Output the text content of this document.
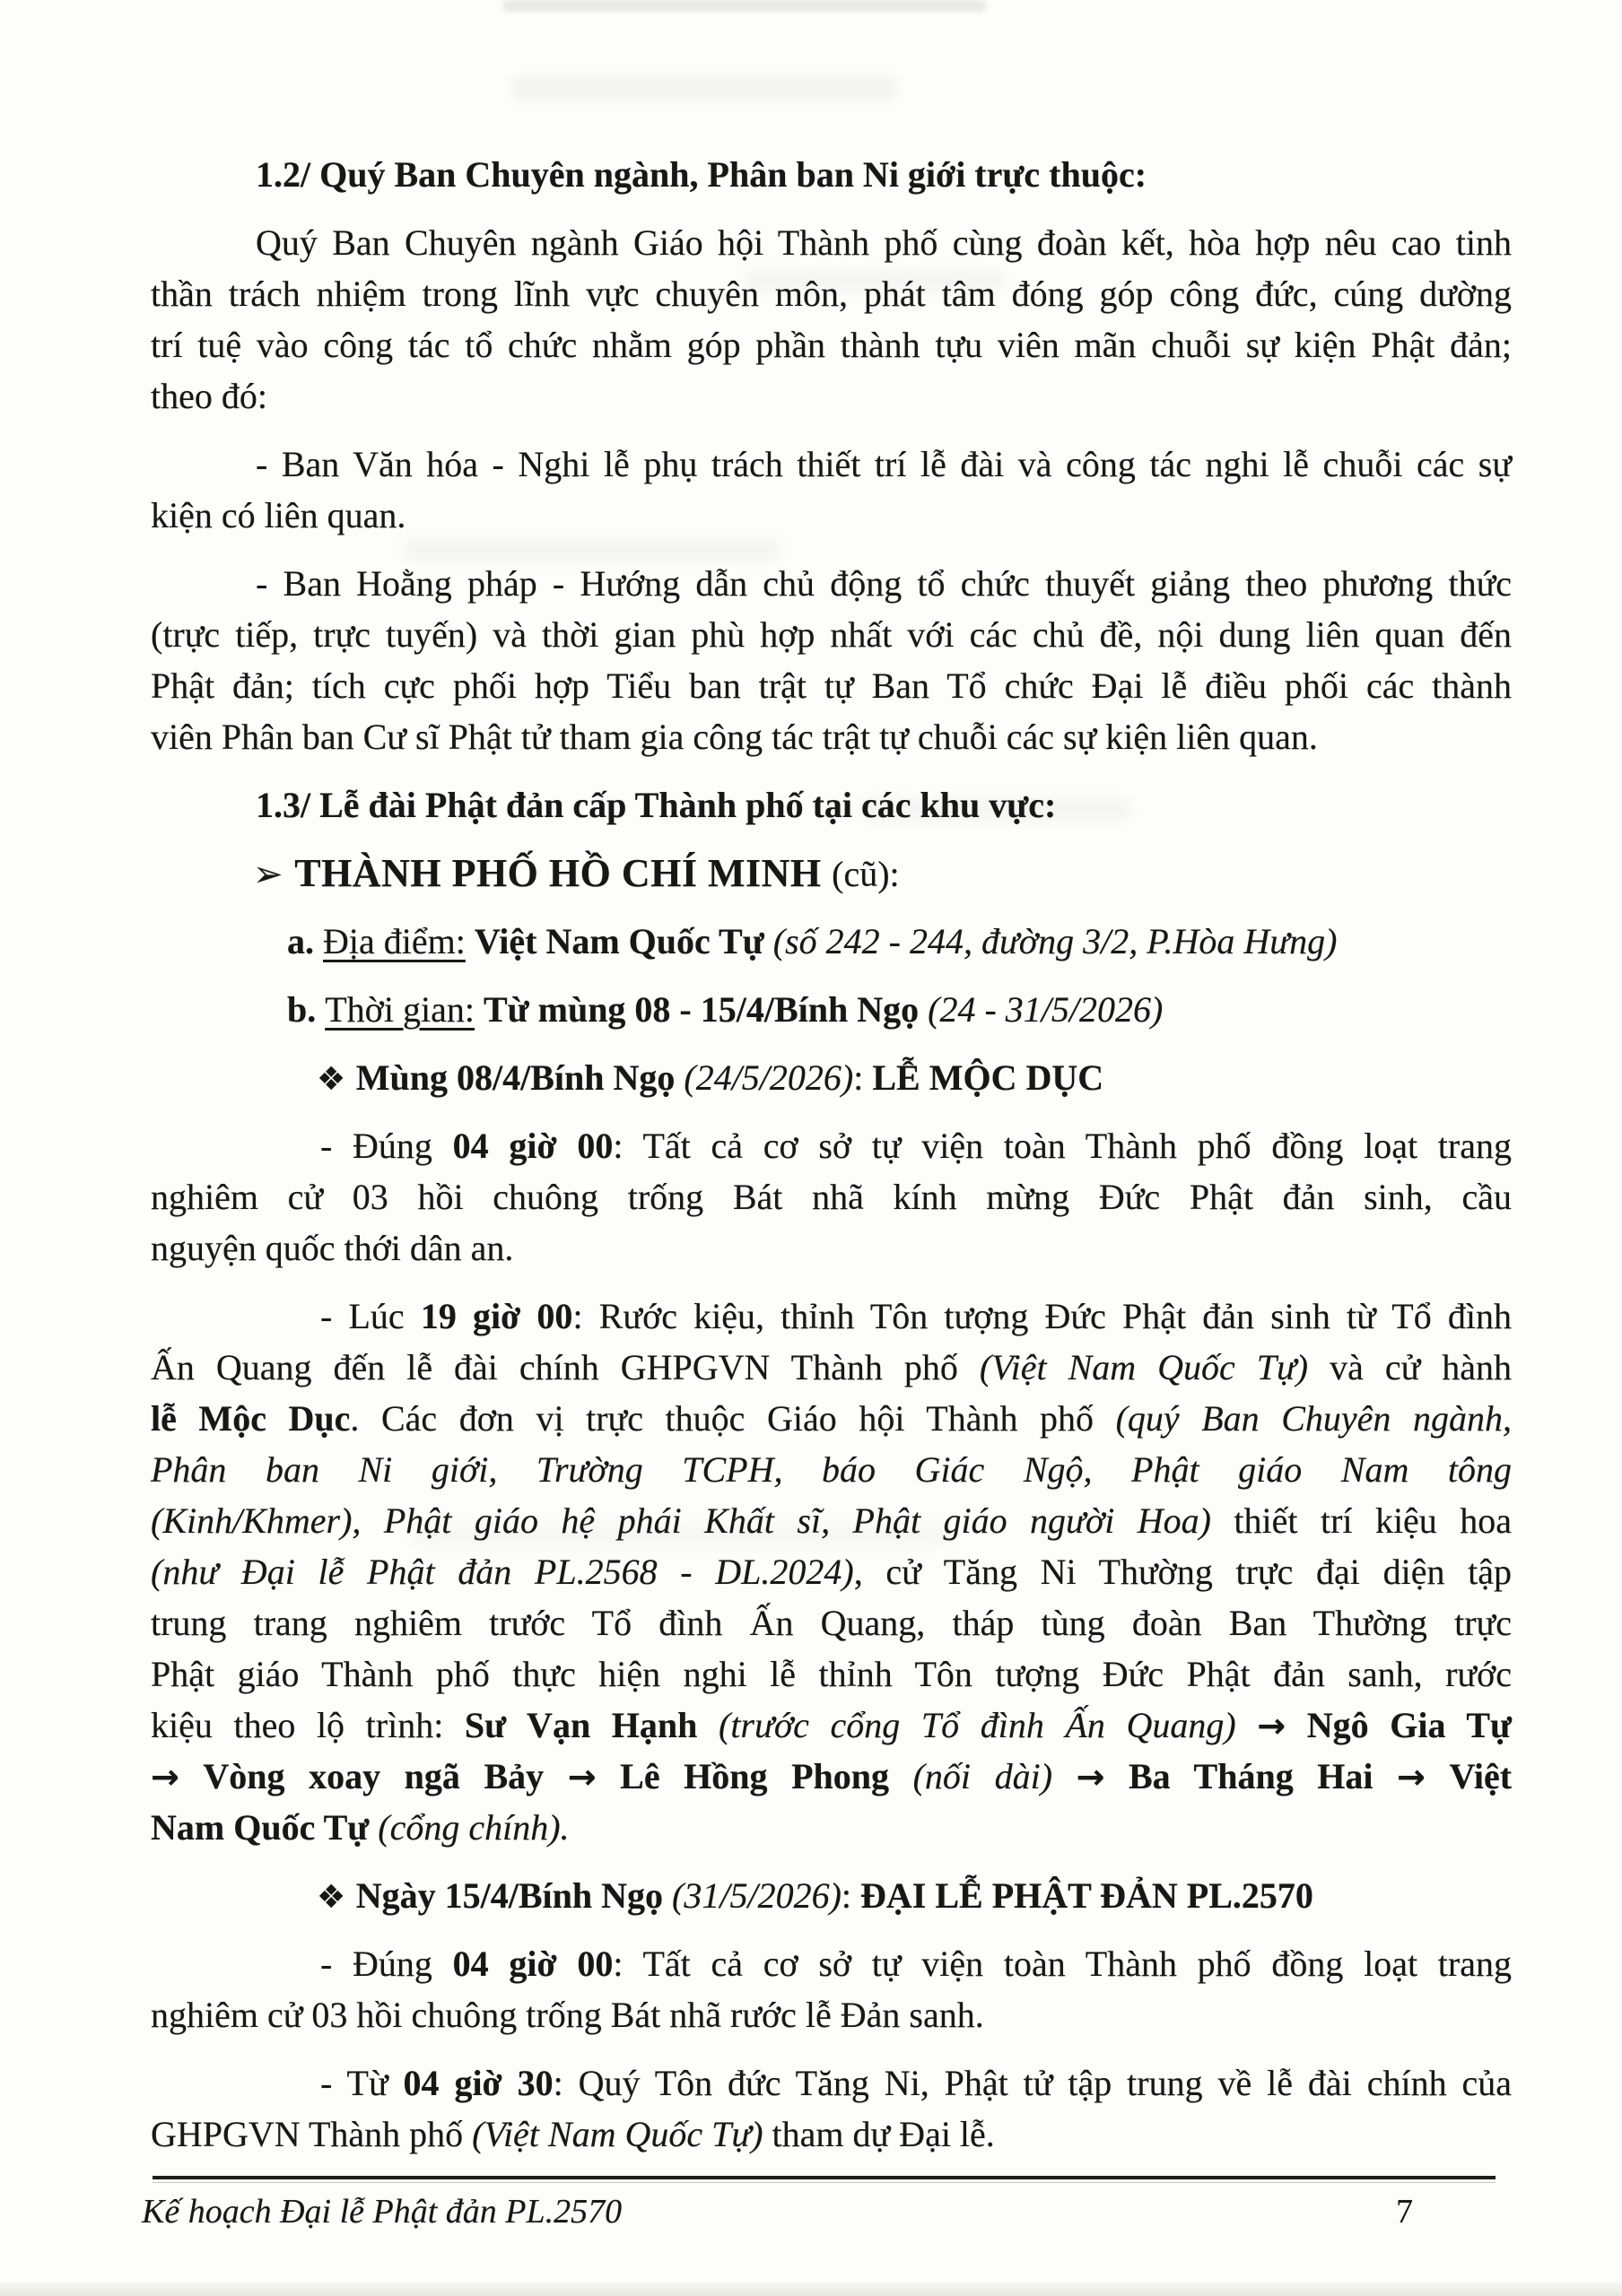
1.2/ Quý Ban Chuyên ngành, Phân ban Ni giới trực thuộc:
Quý Ban Chuyên ngành Giáo hội Thành phố cùng đoàn kết, hòa hợp nêu cao tinh
thần trách nhiệm trong lĩnh vực chuyên môn, phát tâm đóng góp công đức, cúng dường
trí tuệ vào công tác tổ chức nhằm góp phần thành tựu viên mãn chuỗi sự kiện Phật đản;
theo đó:
- Ban Văn hóa - Nghi lễ phụ trách thiết trí lễ đài và công tác nghi lễ chuỗi các sự
kiện có liên quan.
- Ban Hoằng pháp - Hướng dẫn chủ động tổ chức thuyết giảng theo phương thức
(trực tiếp, trực tuyến) và thời gian phù hợp nhất với các chủ đề, nội dung liên quan đến
Phật đản; tích cực phối hợp Tiểu ban trật tự Ban Tổ chức Đại lễ điều phối các thành
viên Phân ban Cư sĩ Phật tử tham gia công tác trật tự chuỗi các sự kiện liên quan.
1.3/ Lễ đài Phật đản cấp Thành phố tại các khu vực:
➢ THÀNH PHỐ HỒ CHÍ MINH (cũ):
a. Địa điểm: Việt Nam Quốc Tự (số 242 - 244, đường 3/2, P.Hòa Hưng)
b. Thời gian: Từ mùng 08 - 15/4/Bính Ngọ (24 - 31/5/2026)
❖ Mùng 08/4/Bính Ngọ (24/5/2026): LỄ MỘC DỤC
- Đúng 04 giờ 00: Tất cả cơ sở tự viện toàn Thành phố đồng loạt trang
nghiêm cử 03 hồi chuông trống Bát nhã kính mừng Đức Phật đản sinh, cầu
nguyện quốc thới dân an.
- Lúc 19 giờ 00: Rước kiệu, thỉnh Tôn tượng Đức Phật đản sinh từ Tổ đình
Ấn Quang đến lễ đài chính GHPGVN Thành phố (Việt Nam Quốc Tự) và cử hành
lễ Mộc Dục. Các đơn vị trực thuộc Giáo hội Thành phố (quý Ban Chuyên ngành,
Phân ban Ni giới, Trường TCPH, báo Giác Ngộ, Phật giáo Nam tông
(Kinh/Khmer), Phật giáo hệ phái Khất sĩ, Phật giáo người Hoa) thiết trí kiệu hoa
(như Đại lễ Phật đản PL.2568 - DL.2024), cử Tăng Ni Thường trực đại diện tập
trung trang nghiêm trước Tổ đình Ấn Quang, tháp tùng đoàn Ban Thường trực
Phật giáo Thành phố thực hiện nghi lễ thỉnh Tôn tượng Đức Phật đản sanh, rước
kiệu theo lộ trình: Sư Vạn Hạnh (trước cổng Tổ đình Ấn Quang) → Ngô Gia Tự
→ Vòng xoay ngã Bảy → Lê Hồng Phong (nối dài) → Ba Tháng Hai → Việt
Nam Quốc Tự (cổng chính).
❖ Ngày 15/4/Bính Ngọ (31/5/2026): ĐẠI LỄ PHẬT ĐẢN PL.2570
- Đúng 04 giờ 00: Tất cả cơ sở tự viện toàn Thành phố đồng loạt trang
nghiêm cử 03 hồi chuông trống Bát nhã rước lễ Đản sanh.
- Từ 04 giờ 30: Quý Tôn đức Tăng Ni, Phật tử tập trung về lễ đài chính của
GHPGVN Thành phố (Việt Nam Quốc Tự) tham dự Đại lễ.
Kế hoạch Đại lễ Phật đản PL.2570	7
